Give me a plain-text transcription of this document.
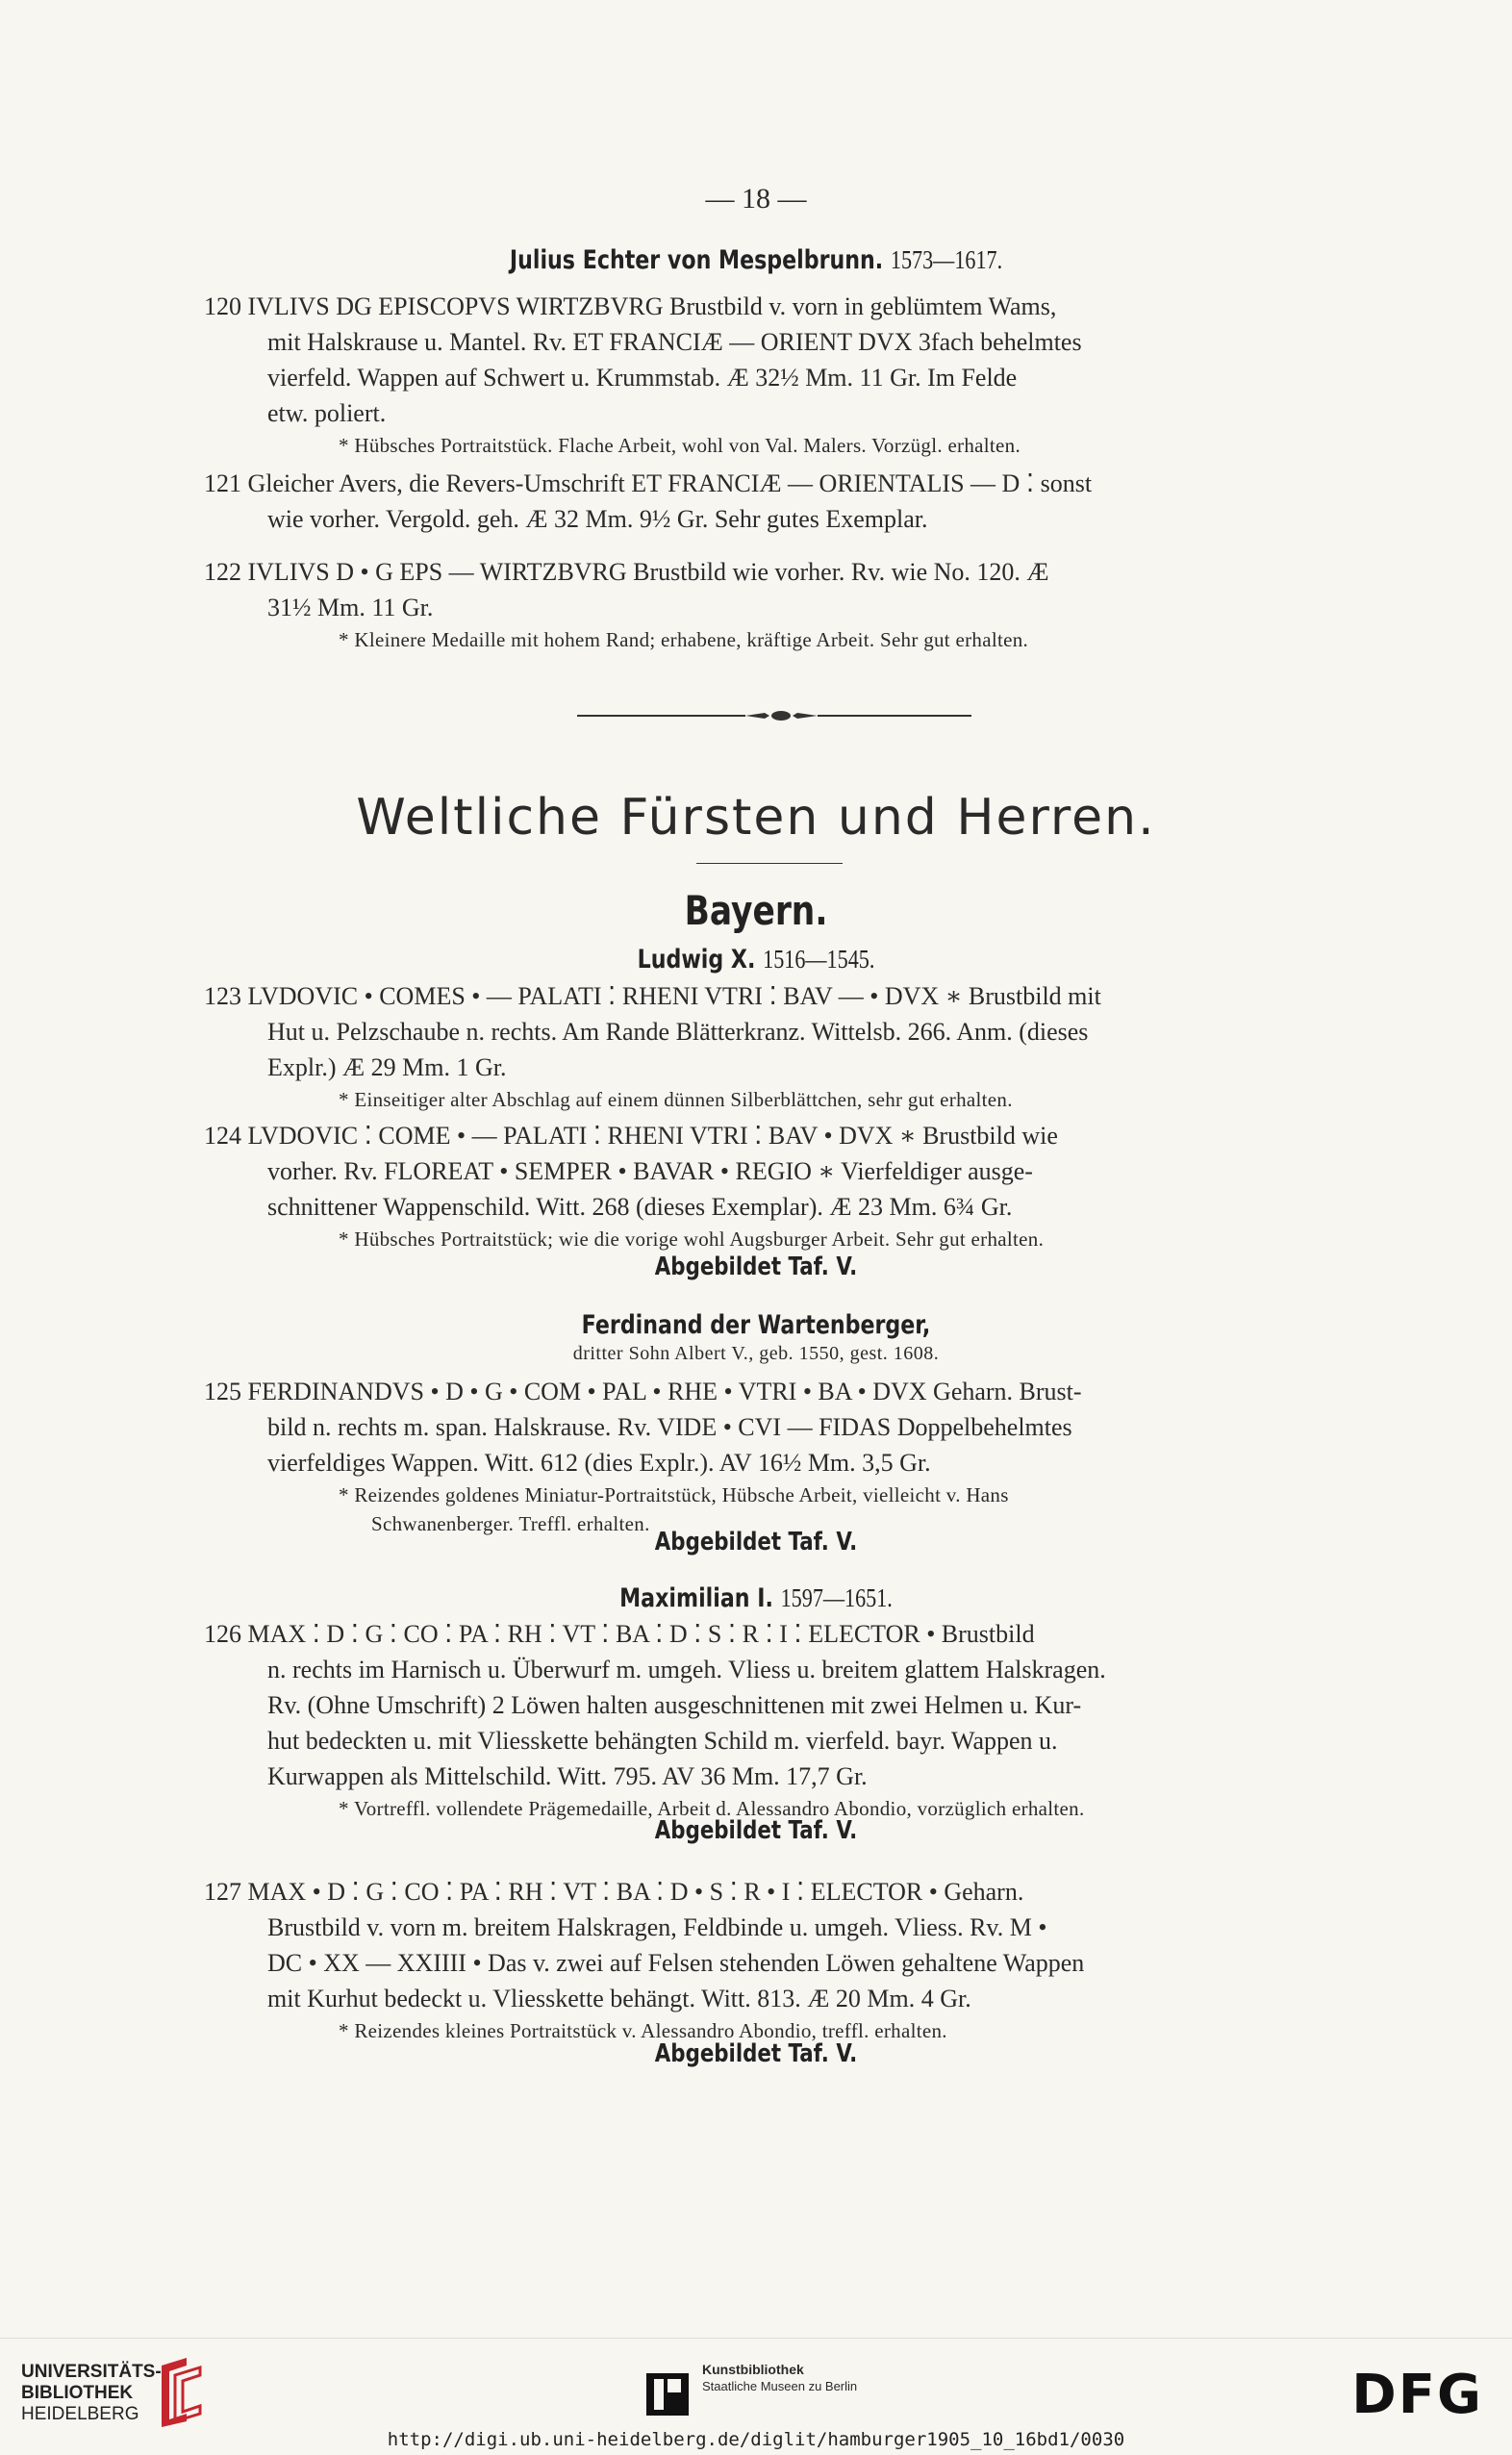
— 18 —
Julius Echter von Mespelbrunn. 1573—1617.
120 IVLIVS DG EPISCOPVS WIRTZBVRG Brustbild v. vorn in geblümtem Wams,
mit Halskrause u. Mantel. Rv. ET FRANCIÆ — ORIENT DVX 3fach behelmtes
vierfeld. Wappen auf Schwert u. Krummstab. Æ 32½ Mm. 11 Gr. Im Felde
etw. poliert.
* Hübsches Portraitstück. Flache Arbeit, wohl von Val. Malers. Vorzügl. erhalten.
121 Gleicher Avers, die Revers-Umschrift ET FRANCIÆ — ORIENTALIS — D ⁚ sonst
wie vorher. Vergold. geh. Æ 32 Mm. 9½ Gr. Sehr gutes Exemplar.
122 IVLIVS D • G EPS — WIRTZBVRG Brustbild wie vorher. Rv. wie No. 120. Æ
31½ Mm. 11 Gr.
* Kleinere Medaille mit hohem Rand; erhabene, kräftige Arbeit. Sehr gut erhalten.
Weltliche Fürsten und Herren.
Bayern.
Ludwig X. 1516—1545.
123 LVDOVIC • COMES • — PALATI ⁚ RHENI VTRI ⁚ BAV — • DVX ∗ Brustbild mit
Hut u. Pelzschaube n. rechts. Am Rande Blätterkranz. Wittelsb. 266. Anm. (dieses
Explr.) Æ 29 Mm. 1 Gr.
* Einseitiger alter Abschlag auf einem dünnen Silberblättchen, sehr gut erhalten.
124 LVDOVIC ⁚ COME • — PALATI ⁚ RHENI VTRI ⁚ BAV • DVX ∗ Brustbild wie
vorher. Rv. FLOREAT • SEMPER • BAVAR • REGIO ∗ Vierfeldiger ausge-
schnittener Wappenschild. Witt. 268 (dieses Exemplar). Æ 23 Mm. 6¾ Gr.
* Hübsches Portraitstück; wie die vorige wohl Augsburger Arbeit. Sehr gut erhalten.
Abgebildet Taf. V.
Ferdinand der Wartenberger,
dritter Sohn Albert V., geb. 1550, gest. 1608.
125 FERDINANDVS • D • G • COM • PAL • RHE • VTRI • BA • DVX Geharn. Brust-
bild n. rechts m. span. Halskrause. Rv. VIDE • CVI — FIDAS Doppelbehelmtes
vierfeldiges Wappen. Witt. 612 (dies Explr.). AV 16½ Mm. 3,5 Gr.
* Reizendes goldenes Miniatur-Portraitstück, Hübsche Arbeit, vielleicht v. Hans
Schwanenberger. Treffl. erhalten.
Abgebildet Taf. V.
Maximilian I. 1597—1651.
126 MAX ⁚ D ⁚ G ⁚ CO ⁚ PA ⁚ RH ⁚ VT ⁚ BA ⁚ D ⁚ S ⁚ R ⁚ I ⁚ ELECTOR • Brustbild
n. rechts im Harnisch u. Überwurf m. umgeh. Vliess u. breitem glattem Halskragen.
Rv. (Ohne Umschrift) 2 Löwen halten ausgeschnittenen mit zwei Helmen u. Kur-
hut bedeckten u. mit Vliesskette behängten Schild m. vierfeld. bayr. Wappen u.
Kurwappen als Mittelschild. Witt. 795. AV 36 Mm. 17,7 Gr.
* Vortreffl. vollendete Prägemedaille, Arbeit d. Alessandro Abondio, vorzüglich erhalten.
Abgebildet Taf. V.
127 MAX • D ⁚ G ⁚ CO ⁚ PA ⁚ RH ⁚ VT ⁚ BA ⁚ D • S ⁚ R • I ⁚ ELECTOR • Geharn.
Brustbild v. vorn m. breitem Halskragen, Feldbinde u. umgeh. Vliess. Rv. M •
DC • XX — XXIIII • Das v. zwei auf Felsen stehenden Löwen gehaltene Wappen
mit Kurhut bedeckt u. Vliesskette behängt. Witt. 813. Æ 20 Mm. 4 Gr.
* Reizendes kleines Portraitstück v. Alessandro Abondio, treffl. erhalten.
Abgebildet Taf. V.
UNIVERSITÄTS-
BIBLIOTHEK
HEIDELBERG
Kunstbibliothek
Staatliche Museen zu Berlin	DFG
http://digi.ub.uni-heidelberg.de/diglit/hamburger1905_10_16bd1/0030
